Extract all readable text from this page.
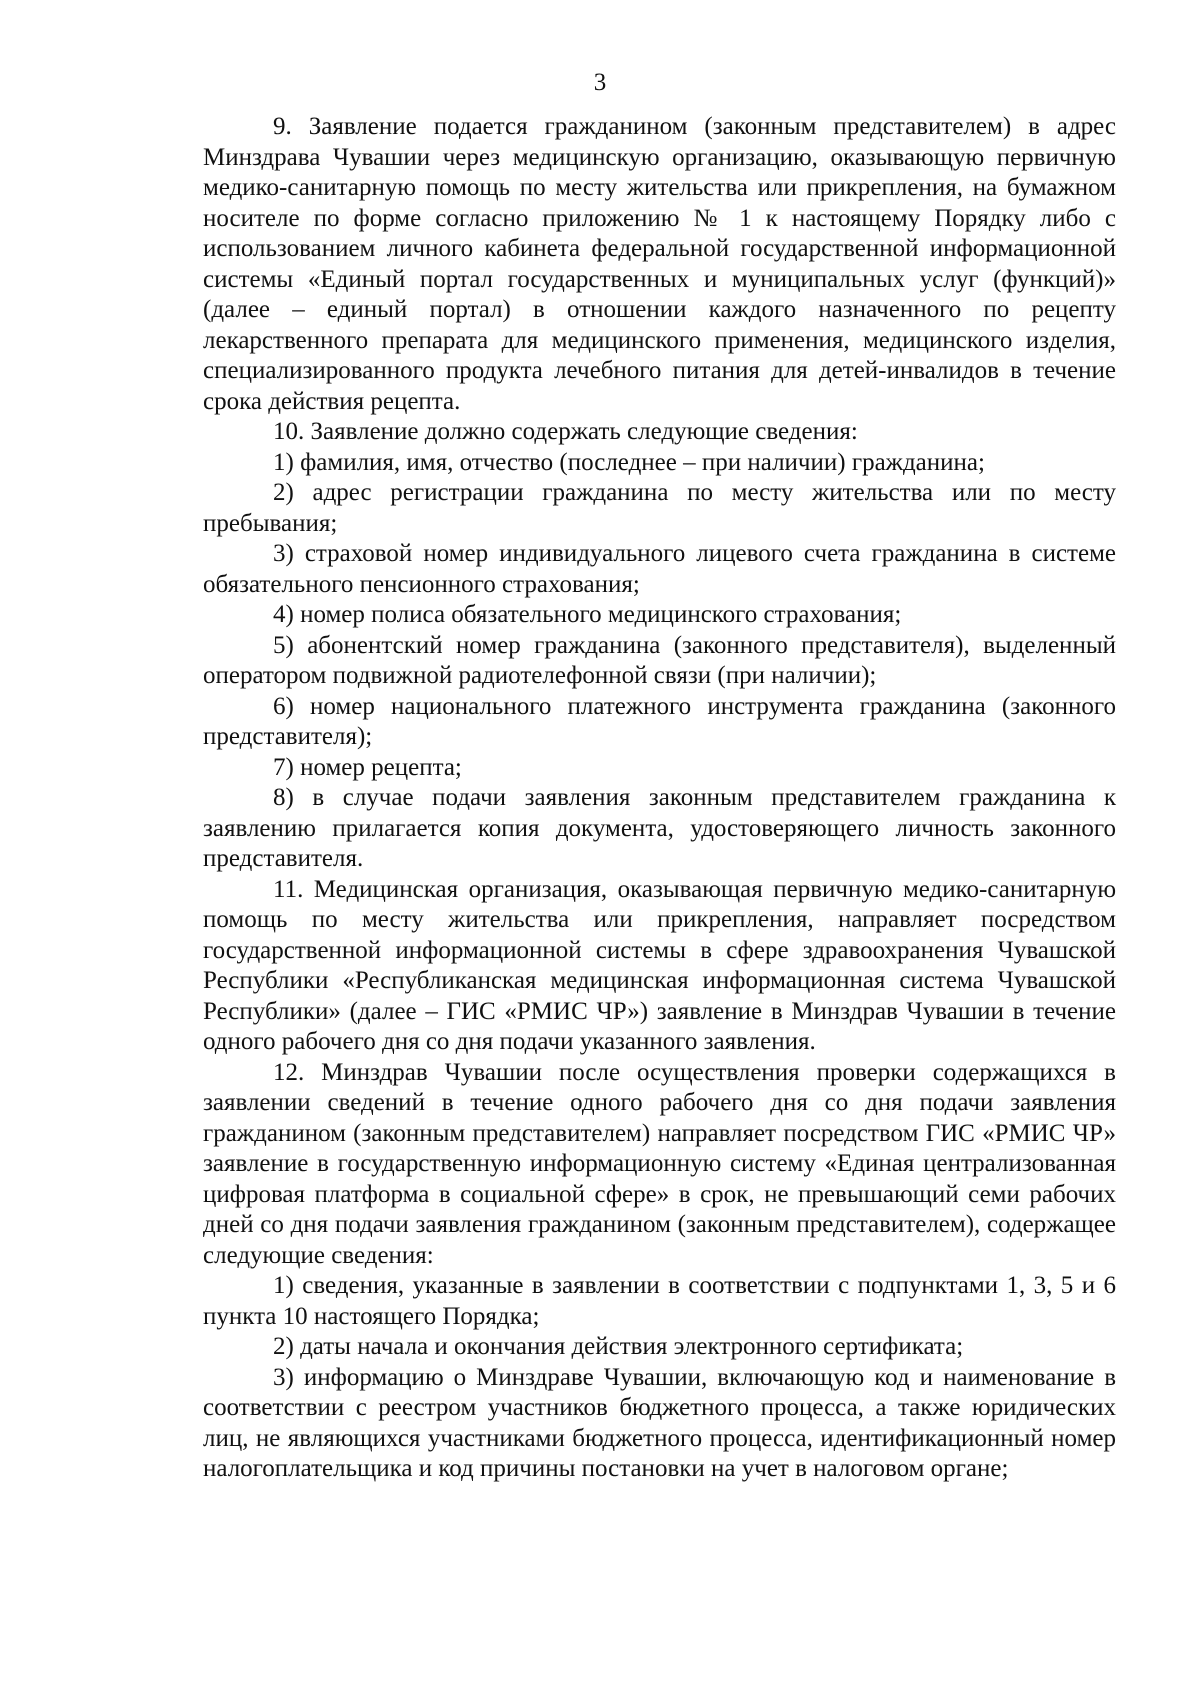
3

9. Заявление подается гражданином (законным представителем) в адрес Минздрава Чувашии через медицинскую организацию, оказывающую первичную медико-санитарную помощь по месту жительства или прикрепления, на бумажном носителе по форме согласно приложению № 1 к настоящему Порядку либо с использованием личного кабинета федеральной государственной информационной системы «Единый портал государственных и муниципальных услуг (функций)» (далее – единый портал) в отношении каждого назначенного по рецепту лекарственного препарата для медицинского применения, медицинского изделия, специализированного продукта лечебного питания для детей-инвалидов в течение срока действия рецепта.

10. Заявление должно содержать следующие сведения:

1) фамилия, имя, отчество (последнее – при наличии) гражданина;

2) адрес регистрации гражданина по месту жительства или по месту пребывания;

3) страховой номер индивидуального лицевого счета гражданина в системе обязательного пенсионного страхования;

4) номер полиса обязательного медицинского страхования;

5) абонентский номер гражданина (законного представителя), выделенный оператором подвижной радиотелефонной связи (при наличии);

6) номер национального платежного инструмента гражданина (законного представителя);

7) номер рецепта;

8) в случае подачи заявления законным представителем гражданина к заявлению прилагается копия документа, удостоверяющего личность законного представителя.

11. Медицинская организация, оказывающая первичную медико-санитарную помощь по месту жительства или прикрепления, направляет посредством государственной информационной системы в сфере здравоохранения Чувашской Республики «Республиканская медицинская информационная система Чувашской Республики» (далее – ГИС «РМИС ЧР») заявление в Минздрав Чувашии в течение одного рабочего дня со дня подачи указанного заявления.

12. Минздрав Чувашии после осуществления проверки содержащихся в заявлении сведений в течение одного рабочего дня со дня подачи заявления гражданином (законным представителем) направляет посредством ГИС «РМИС ЧР» заявление в государственную информационную систему «Единая централизованная цифровая платформа в социальной сфере» в срок, не превышающий семи рабочих дней со дня подачи заявления гражданином (законным представителем), содержащее следующие сведения:

1) сведения, указанные в заявлении в соответствии с подпунктами 1, 3, 5 и 6 пункта 10 настоящего Порядка;

2) даты начала и окончания действия электронного сертификата;

3) информацию о Минздраве Чувашии, включающую код и наименование в соответствии с реестром участников бюджетного процесса, а также юридических лиц, не являющихся участниками бюджетного процесса, идентификационный номер налогоплательщика и код причины постановки на учет в налоговом органе;
